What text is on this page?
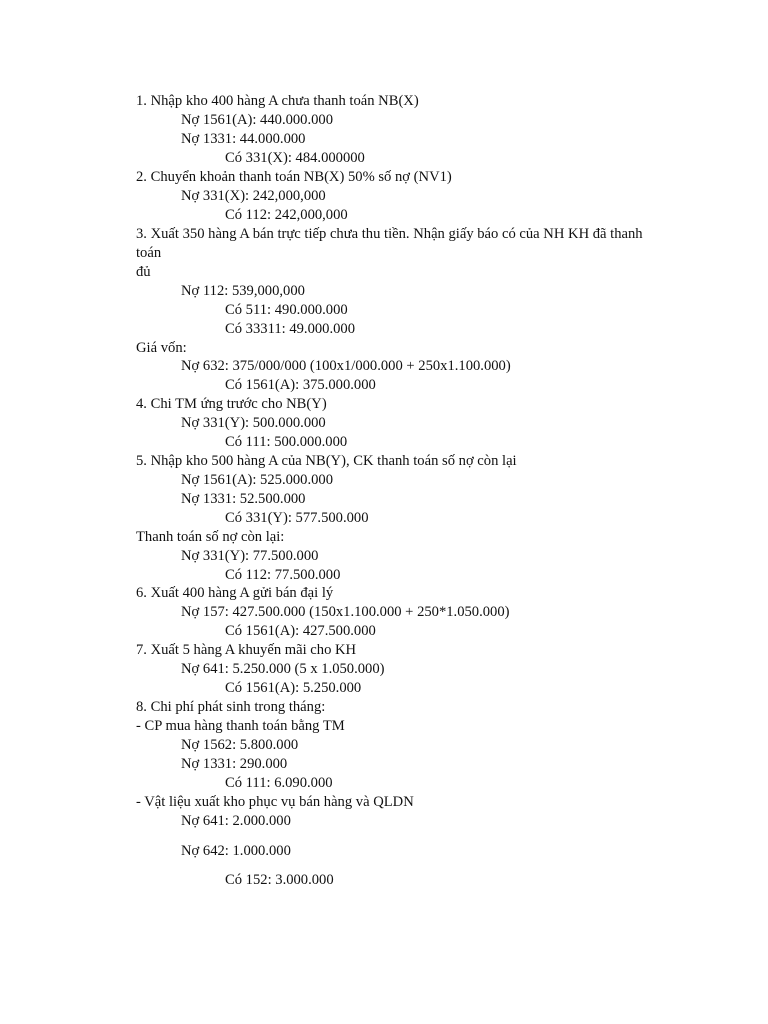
1. Nhập kho 400 hàng A chưa thanh toán NB(X)
Nợ 1561(A): 440.000.000
Nợ 1331: 44.000.000
Có 331(X): 484.000000
2. Chuyển khoản thanh toán NB(X) 50% số nợ (NV1)
Nợ 331(X): 242,000,000
Có 112: 242,000,000
3. Xuất 350 hàng A bán trực tiếp chưa thu tiền. Nhận giấy báo có của NH KH đã thanh
toán
đủ
Nợ 112: 539,000,000
Có 511: 490.000.000
Có 33311: 49.000.000
Giá vốn:
Nợ 632: 375/000/000 (100x1/000.000 + 250x1.100.000)
Có 1561(A): 375.000.000
4. Chi TM ứng trước cho NB(Y)
Nợ 331(Y): 500.000.000
Có 111: 500.000.000
5. Nhập kho 500 hàng A của NB(Y), CK thanh toán số nợ còn lại
Nợ 1561(A): 525.000.000
Nợ 1331: 52.500.000
Có 331(Y): 577.500.000
Thanh toán số nợ còn lại:
Nợ 331(Y): 77.500.000
Có 112: 77.500.000
6. Xuất 400 hàng A gửi bán đại lý
Nợ 157: 427.500.000 (150x1.100.000 + 250*1.050.000)
Có 1561(A): 427.500.000
7. Xuất 5 hàng A khuyến mãi cho KH
Nợ 641: 5.250.000 (5 x 1.050.000)
Có 1561(A): 5.250.000
8. Chi phí phát sinh trong tháng:
- CP mua hàng thanh toán bằng TM
Nợ 1562: 5.800.000
Nợ 1331: 290.000
Có 111: 6.090.000
- Vật liệu xuất kho phục vụ bán hàng và QLDN
Nợ 641: 2.000.000
Nợ 642: 1.000.000
Có 152: 3.000.000
